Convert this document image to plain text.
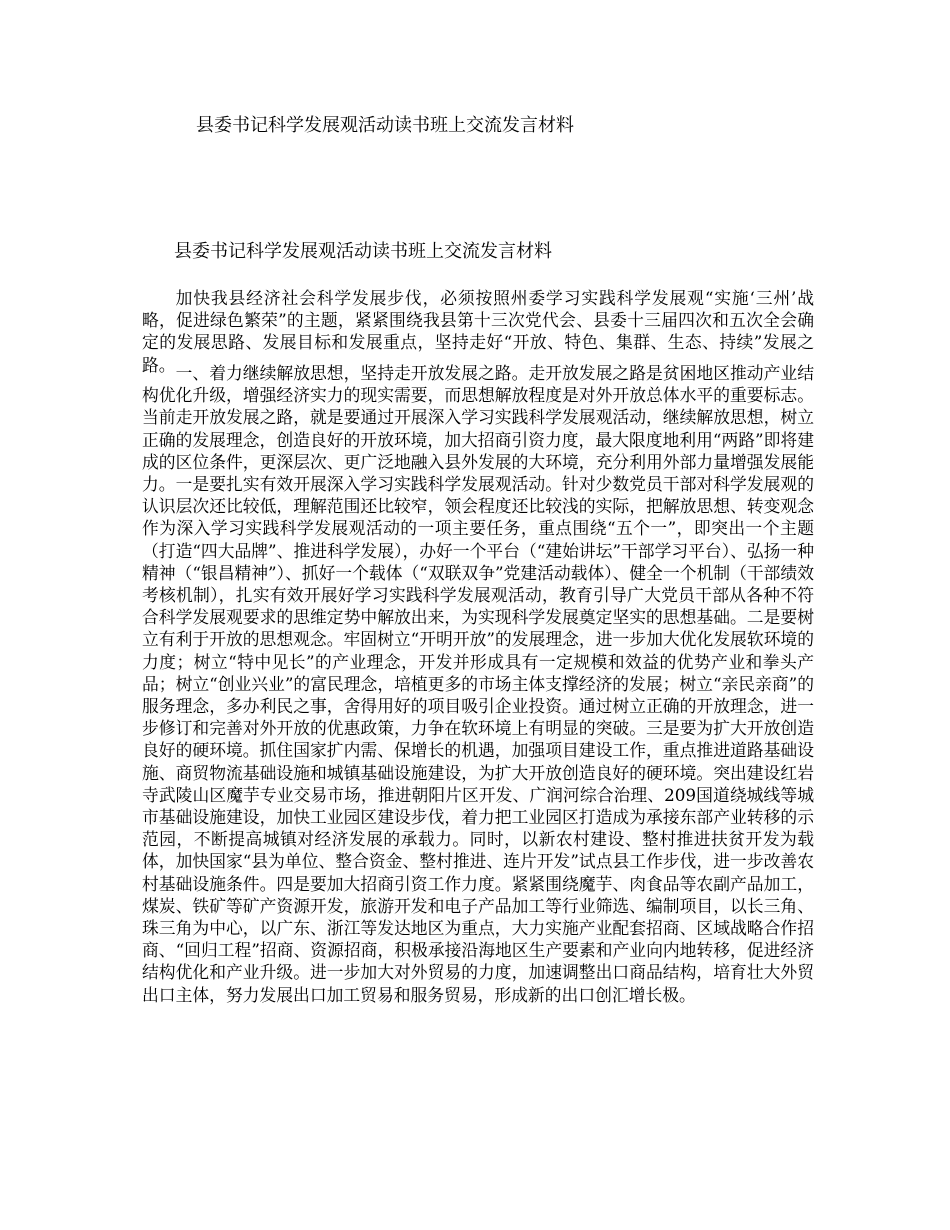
县委书记科学发展观活动读书班上交流发言材料
县委书记科学发展观活动读书班上交流发言材料

加快我县经济社会科学发展步伐，必须按照州委学习实践科学发展观“实施‘三州’战略，促进绿色繁荣”的主题，紧紧围绕我县第十三次党代会、县委十三届四次和五次全会确定的发展思路、发展目标和发展重点，坚持走好“开放、特色、集群、生态、持续”发展之路。 一、着力继续解放思想，坚持走开放发展之路。走开放发展之路是贫困地区推动产业结构优化升级，增强经济实力的现实需要，而思想解放程度是对外开放总体水平的重要标志。当前走开放发展之路，就是要通过开展深入学习实践科学发展观活动，继续解放思想，树立正确的发展理念，创造良好的开放环境，加大招商引资力度，最大限度地利用“两路”即将建成的区位条件，更深层次、更广泛地融入县外发展的大环境，充分利用外部力量增强发展能力。一是要扎实有效开展深入学习实践科学发展观活动。针对少数党员干部对科学发展观的认识层次还比较低，理解范围还比较窄，领会程度还比较浅的实际，把解放思想、转变观念作为深入学习实践科学发展观活动的一项主要任务，重点围绕“五个一”，即突出一个主题（打造“四大品牌”、推进科学发展），办好一个平台（“建始讲坛”干部学习平台）、弘扬一种精神（“银昌精神”）、抓好一个载体（“双联双争”党建活动载体）、健全一个机制（干部绩效考核机制），扎实有效开展好学习实践科学发展观活动，教育引导广大党员干部从各种不符合科学发展观要求的思维定势中解放出来，为实现科学发展奠定坚实的思想基础。二是要树立有利于开放的思想观念。牢固树立“开明开放”的发展理念，进一步加大优化发展软环境的力度；树立“特中见长”的产业理念，开发并形成具有一定规模和效益的优势产业和拳头产品；树立“创业兴业”的富民理念，培植更多的市场主体支撑经济的发展；树立“亲民亲商”的服务理念，多办利民之事，舍得用好的项目吸引企业投资。通过树立正确的开放理念，进一步修订和完善对外开放的优惠政策，力争在软环境上有明显的突破。三是要为扩大开放创造良好的硬环境。抓住国家扩内需、保增长的机遇，加强项目建设工作，重点推进道路基础设施、商贸物流基础设施和城镇基础设施建设，为扩大开放创造良好的硬环境。突出建设红岩寺武陵山区魔芋专业交易市场，推进朝阳片区开发、广润河综合治理、209国道绕城线等城市基础设施建设，加快工业园区建设步伐，着力把工业园区打造成为承接东部产业转移的示范园，不断提高城镇对经济发展的承载力。同时，以新农村建设、整村推进扶贫开发为载体，加快国家“县为单位、整合资金、整村推进、连片开发”试点县工作步伐，进一步改善农村基础设施条件。四是要加大招商引资工作力度。紧紧围绕魔芋、肉食品等农副产品加工，煤炭、铁矿等矿产资源开发，旅游开发和电子产品加工等行业筛选、编制项目，以长三角、珠三角为中心，以广东、浙江等发达地区为重点，大力实施产业配套招商、区域战略合作招商、“回归工程”招商、资源招商，积极承接沿海地区生产要素和产业向内地转移，促进经济结构优化和产业升级。进一步加大对外贸易的力度，加速调整出口商品结构，培育壮大外贸出口主体，努力发展出口加工贸易和服务贸易，形成新的出口创汇增长极。
